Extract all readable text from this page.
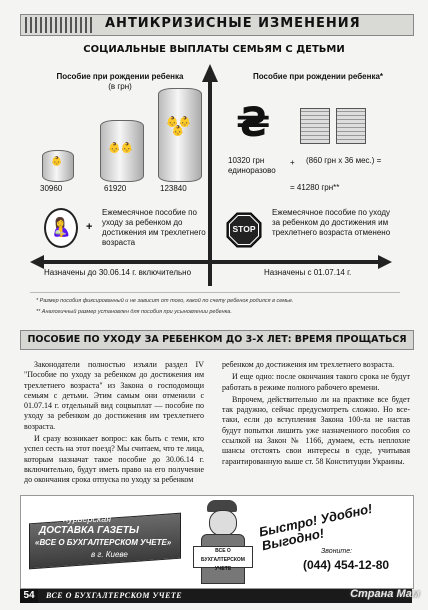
АНТИКРИЗИСНЫЕ ИЗМЕНЕНИЯ
СОЦИАЛЬНЫЕ ВЫПЛАТЫ СЕМЬЯМ С ДЕТЬМИ
Пособие при рождении ребенка
(в грн)
Пособие при рождении ребенка*
👶
👶👶
👶👶
👶
30960	61920	123840
₴
10320 грн
единоразово
+ (860 грн х 36 мес.) =
= 41280 грн**
🤱	+
Ежемесячное пособие по уходу за ребенком до достижения им трехлетнего возраста
STOP
Ежемесячное пособие по уходу за ребенком до достижения им трехлетнего возраста отменено
Назначены до 30.06.14 г. включительно	Назначены с 01.07.14 г.
* Размер пособия фиксированный и не зависит от того, какой по счету ребенок родился в семье.
** Аналогичный размер установлен для пособия при усыновлении ребенка.
ПОСОБИЕ ПО УХОДУ ЗА РЕБЕНКОМ ДО 3-Х ЛЕТ: ВРЕМЯ ПРОЩАТЬСЯ

Законодатели полностью изъяли раздел IV "Пособие по уходу за ребенком до достижения им трехлетнего возраста" из Закона о господомощи семьям с детьми. Этим самым они отменили с 01.07.14 г. отдельный вид соцвыплат — пособие по уходу за ребенком до достижения им трехлетнего возраста.

И сразу возникает вопрос: как быть с теми, кто успел сесть на этот поезд? Мы считаем, что те лица, которым назначат такое пособие до 30.06.14 г. включительно, будут иметь право на его получение до окончания срока отпуска по уходу за ребенком

ребенком до достижения им трехлетнего возраста.

И еще одно: после окончания такого срока не будут работать в режиме полного рабочего времени.

Впрочем, действительно ли на практике все будет так радужно, сейчас предусмотреть сложно. Но все-таки, если до вступления Закона 100-ла не настав будут попытки лишить уже назначенного пособия со ссылкой на Закон № 1166, думаем, есть неплохие шансы отстоять свои интересы в суде, учитывая гарантированную выше ст. 58 Конституции Украины.

Курьерская
ДОСТАВКА ГАЗЕТЫ
«ВСЕ О БУХГАЛТЕРСКОМ УЧЕТЕ»
в г. Киеве	ВСЕ О БУХГАЛТЕРСКОМ УЧЕТЕ
Быстро! Удобно! Выгодно!
Звоните:
(044) 454-12-80
54	ВСЕ О БУХГАЛТЕРСКОМ УЧЕТЕ	Страна Мам
